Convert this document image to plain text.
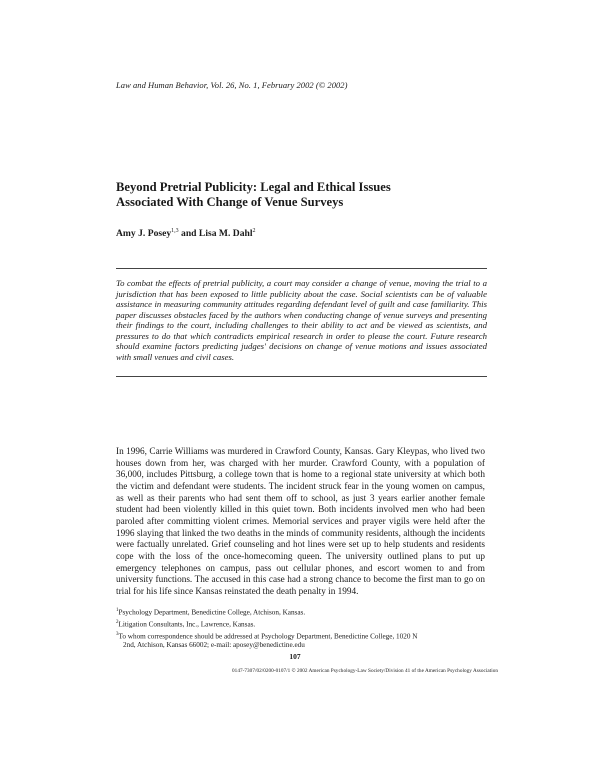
Law and Human Behavior, Vol. 26, No. 1, February 2002 (© 2002)
Beyond Pretrial Publicity: Legal and Ethical Issues
Associated With Change of Venue Surveys
Amy J. Posey$^{1,3}$ and Lisa M. Dahl$^2$

To combat the effects of pretrial publicity, a court may consider a change of venue, moving the trial to a jurisdiction that has been exposed to little publicity about the case. Social scientists can be of valuable assistance in measuring community attitudes regarding defendant level of guilt and case familiarity. This paper discusses obstacles faced by the authors when conducting change of venue surveys and presenting their findings to the court, including challenges to their ability to act and be viewed as scientists, and pressures to do that which contradicts empirical research in order to please the court. Future research should examine factors predicting judges' decisions on change of venue motions and issues associated with small venues and civil cases.

In 1996, Carrie Williams was murdered in Crawford County, Kansas. Gary Kleypas, who lived two houses down from her, was charged with her murder. Crawford County, with a population of 36,000, includes Pittsburg, a college town that is home to a regional state university at which both the victim and defendant were students. The incident struck fear in the young women on campus, as well as their parents who had sent them off to school, as just 3 years earlier another female student had been violently killed in this quiet town. Both incidents involved men who had been paroled after committing violent crimes. Memorial services and prayer vigils were held after the 1996 slaying that linked the two deaths in the minds of community residents, although the incidents were factually unrelated. Grief counseling and hot lines were set up to help students and residents cope with the loss of the once-homecoming queen. The university outlined plans to put up emergency telephones on campus, pass out cellular phones, and escort women to and from university functions. The accused in this case had a strong chance to become the first man to go on trial for his life since Kansas reinstated the death penalty in 1994.

$^1$Psychology Department, Benedictine College, Atchison, Kansas.

$^2$Litigation Consultants, Inc., Lawrence, Kansas.

$^3$To whom correspondence should be addressed at Psychology Department, Benedictine College, 1020 N

2nd, Atchison, Kansas 66002; e-mail: aposey@benedictine.edu

107
0147-7307/02/0200-0107/1 © 2002 American Psychology-Law Society/Division 41 of the American Psychology Association
